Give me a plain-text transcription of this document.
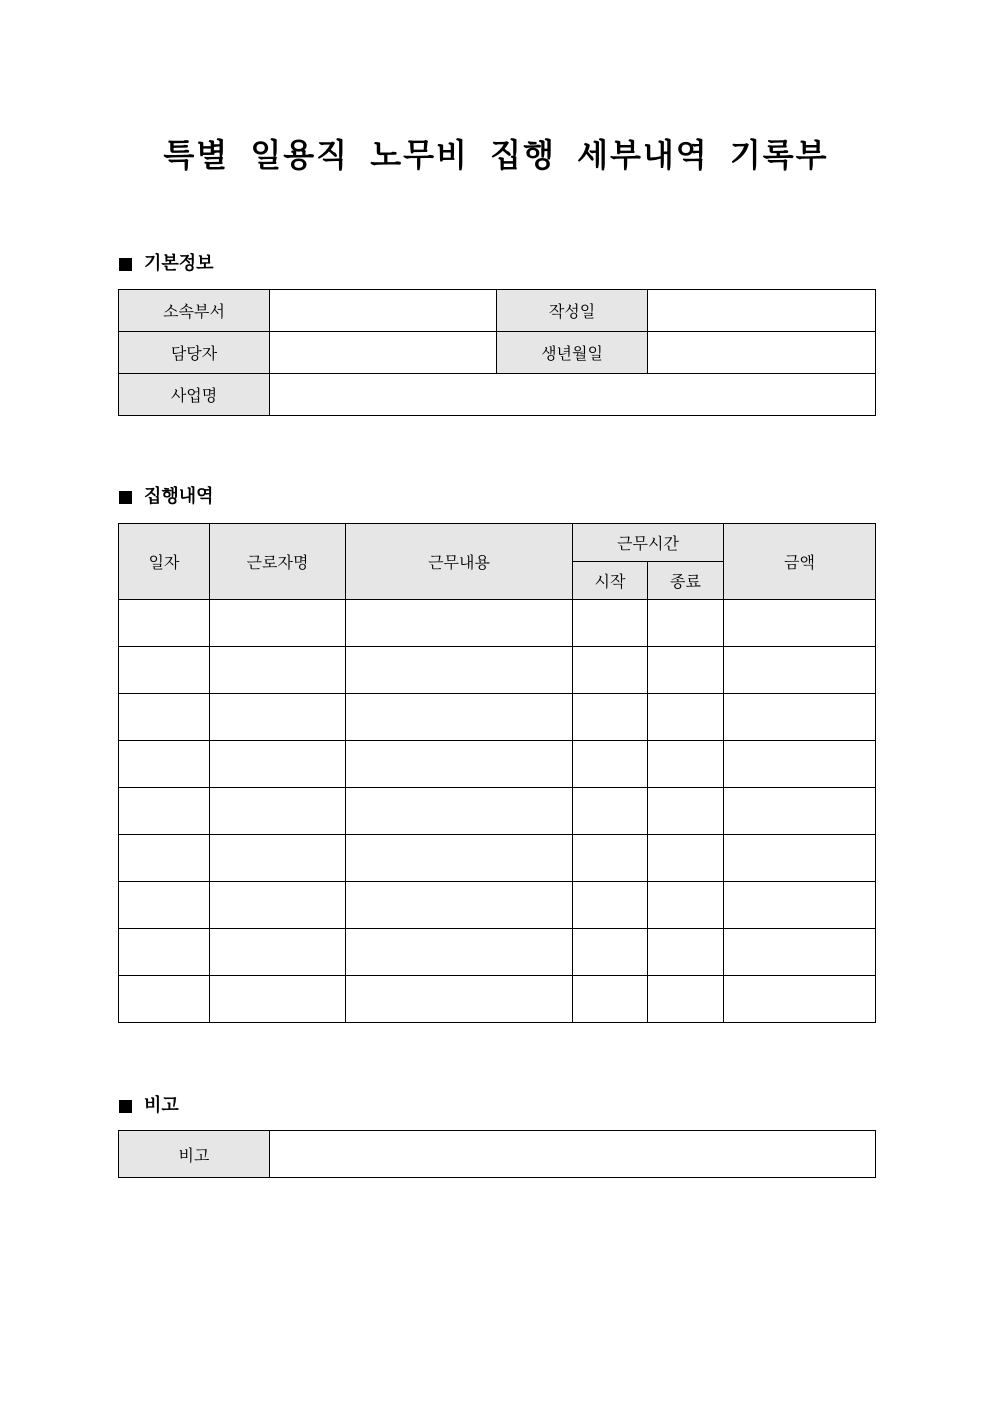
특별 일용직 노무비 집행 세부내역 기록부
기본정보
소속부서		작성일	
담당자		생년월일	
사업명			
집행내역
일자	근로자명	근무내용	근무시간		금액
			시작	종료	

비고
비고	
